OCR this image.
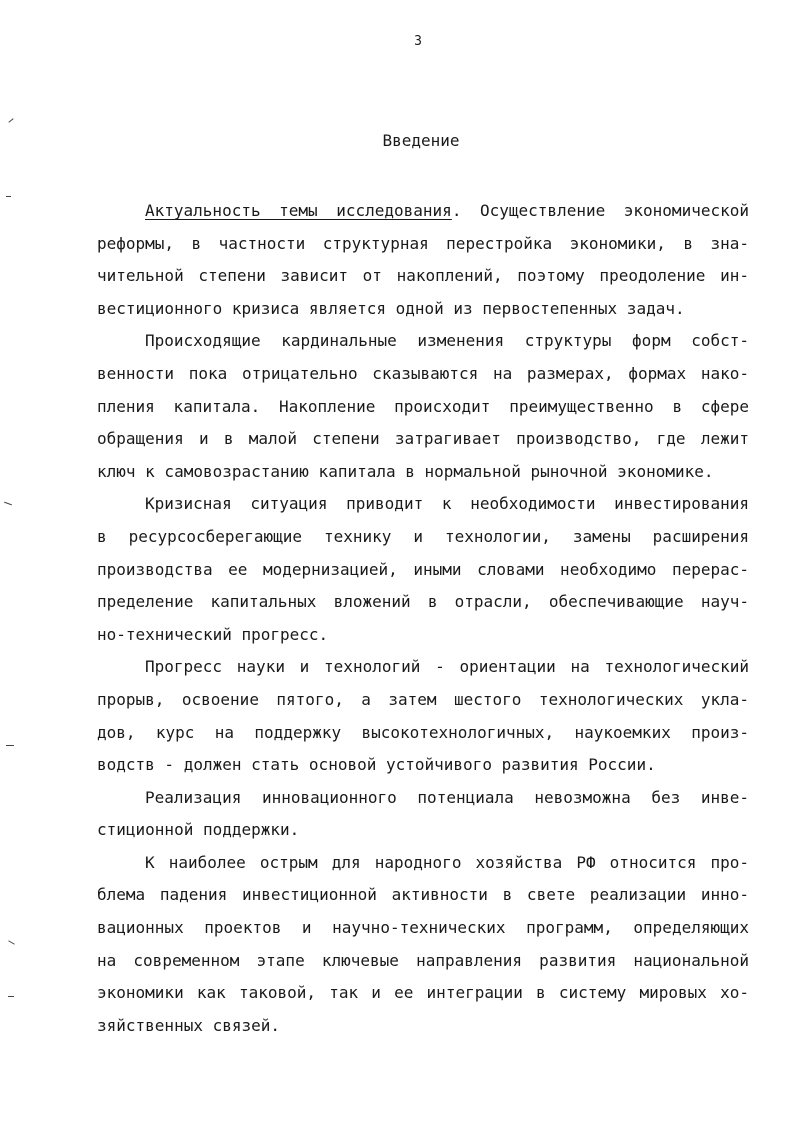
3
Введение
Актуальность темы исследования. Осуществление экономической
реформы, в частности структурная перестройка экономики, в зна-
чительной степени зависит от накоплений, поэтому преодоление ин-
вестиционного кризиса является одной из первостепенных задач.
Происходящие кардинальные изменения структуры форм собст-
венности пока отрицательно сказываются на размерах, формах нако-
пления капитала. Накопление происходит преимущественно в сфере
обращения и в малой степени затрагивает производство, где лежит
ключ к самовозрастанию капитала в нормальной рыночной экономике.
Кризисная ситуация приводит к необходимости инвестирования
в ресурсосберегающие технику и технологии, замены расширения
производства ее модернизацией, иными словами необходимо перерас-
пределение капитальных вложений в отрасли, обеспечивающие науч-
но-технический прогресс.
Прогресс науки и технологий - ориентации на технологический
прорыв, освоение пятого, а затем шестого технологических укла-
дов, курс на поддержку высокотехнологичных, наукоемких произ-
водств - должен стать основой устойчивого развития России.
Реализация инновационного потенциала невозможна без инве-
стиционной поддержки.
К наиболее острым для народного хозяйства РФ относится про-
блема падения инвестиционной активности в свете реализации инно-
вационных проектов и научно-технических программ, определяющих
на современном этапе ключевые направления развития национальной
экономики как таковой, так и ее интеграции в систему мировых хо-
зяйственных связей.
